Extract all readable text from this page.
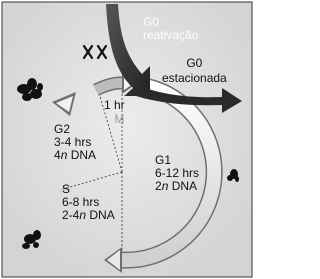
G0
reativação
G0
estacionada
1 hr
M
G2
3-4 hrs
4n DNA
S
6-8 hrs
2-4n DNA
G1
6-12 hrs
2n DNA
